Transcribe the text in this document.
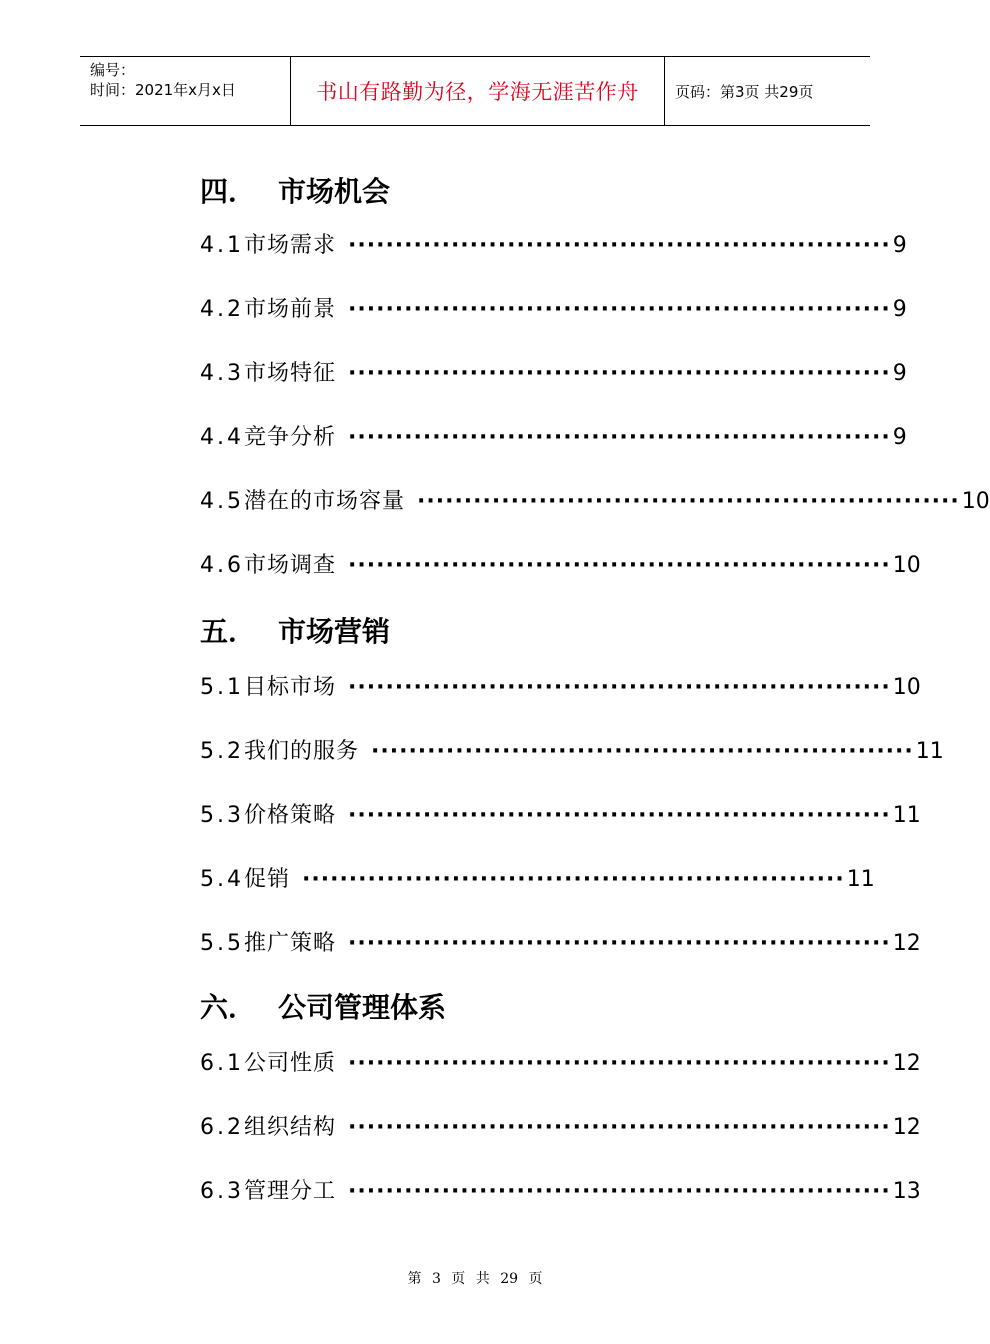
编号：
时间：2021年x月x日	书山有路勤为径，学海无涯苦作舟	页码：第3页 共29页
四． 市场机会
4.1 市场需求 ·························································· 9
4.2 市场前景 ·························································· 9
4.3 市场特征 ·························································· 9
4.4 竞争分析 ·························································· 9
4.5 潜在的市场容量 ·························································· 10
4.6 市场调查 ·························································· 10
五． 市场营销
5.1 目标市场 ·························································· 10
5.2 我们的服务 ·························································· 11
5.3 价格策略 ·························································· 11
5.4 促销 ·························································· 11
5.5 推广策略 ·························································· 12
六． 公司管理体系
6.1 公司性质 ·························································· 12
6.2 组织结构 ·························································· 12
6.3 管理分工 ·························································· 13
第 3 页 共 29 页
